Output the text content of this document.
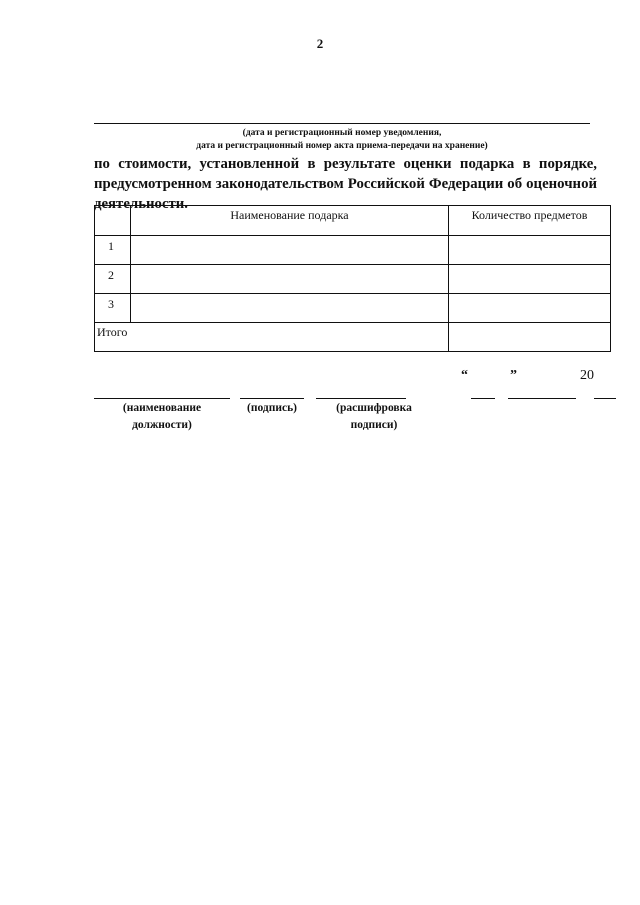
2
(дата и регистрационный номер уведомления,
дата и регистрационный номер акта приема-передачи на хранение)
по стоимости, установленной в результате оценки подарка в порядке, предусмотренном законодательством Российской Федерации об оценочной деятельности.
	Наименование подарка	Количество предметов
1		
2		
3		
Итого		
“	”	20
(наименование
должности)
(подпись)	(расшифровка
подписи)
